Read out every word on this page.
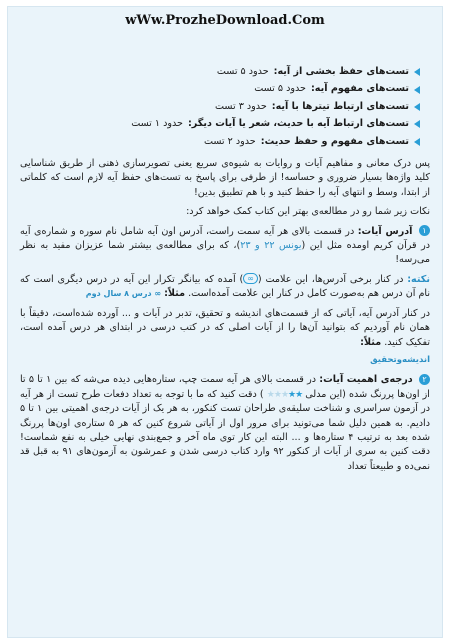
wWw.ProzheDownload.Com
تست‌های حفظ بخشی از آیه:
حدود ۵ تست
تست‌های مفهوم آیه:
حدود ۵ تست
تست‌های ارتباط تیترها با آیه:
حدود ۳ تست
تست‌های ارتباط آیه با حدیث، شعر یا آیات دیگر:
حدود ۱ تست
تست‌های مفهوم و حفظ حدیث:
حدود ۲ تست

پس درک معانی و مفاهیم آیات و روایات به شیوه‌ی سریع یعنی تصویرسازی ذهنی از طریق شناسایی کلید واژه‌ها بسیار ضروری و حساسه! از طرفی برای پاسخ به تست‌های حفظ آیه لازم است که کلماتی از ابتدا، وسط و انتهای آیه را حفظ کنید و با هم تطبیق بدین!

نکات زیر شما رو در مطالعه‌ی بهتر این کتاب کمک خواهد کرد:

۱ آدرس آیات: در قسمت بالای هر آیه سمت راست، آدرس اون آیه شامل نام سوره و شماره‌ی آیه در قرآن کریم اومده مثل این (یونس ۲۲ و ۲۳)، که برای مطالعه‌ی بیشتر شما عزیزان مفید به نظر می‌رسه!

نکته: در کنار برخی آدرس‌ها، این علامت (∞) آمده که بیانگر تکرار این آیه در درس دیگری است که نام آن درس هم به‌صورت کامل در کنار این علامت آمده‌است. مثلاً: ∞ درس ۸ سال دوم

در کنار آدرس آیه، آیاتی که از قسمت‌های اندیشه و تحقیق، تدبر در آیات و ... آورده شده‌است، دقیقاً با همان نام آوردیم که بتوانید آن‌ها را از آیات اصلی که در کتب درسی در ابتدای هر درس آمده است، تفکیک کنید. مثلاً:

اندیشه‌وتحقیق

۲ درجه‌ی اهمیت آیات: در قسمت بالای هر آیه سمت چپ، ستاره‌هایی دیده می‌شه که بین ۱ تا ۵ تا از اون‌ها پررنگ شده (این مدلی ★★★★★ ) دقت کنید که ما با توجه به تعداد دفعات طرح تست از هر آیه در آزمون سراسری و شناخت سلیقه‌ی طراحان تست کنکور، به هر یک از آیات درجه‌ی اهمیتی بین ۱ تا ۵ دادیم. به همین دلیل شما می‌تونید برای مرور اول از آیاتی شروع کنین که هر ۵ ستاره‌ی اون‌ها پررنگ شده بعد به ترتیب ۴ ستاره‌ها و ... البته این کار توی ماه آخر و جمع‌بندی نهایی خیلی به نفع شماست! دقت کنین به سری از آیات از کنکور ۹۲ وارد کتاب درسی شدن و عمرشون به آزمون‌های ۹۱ به قبل قد نمی‌ده و طبیعتاً تعداد
